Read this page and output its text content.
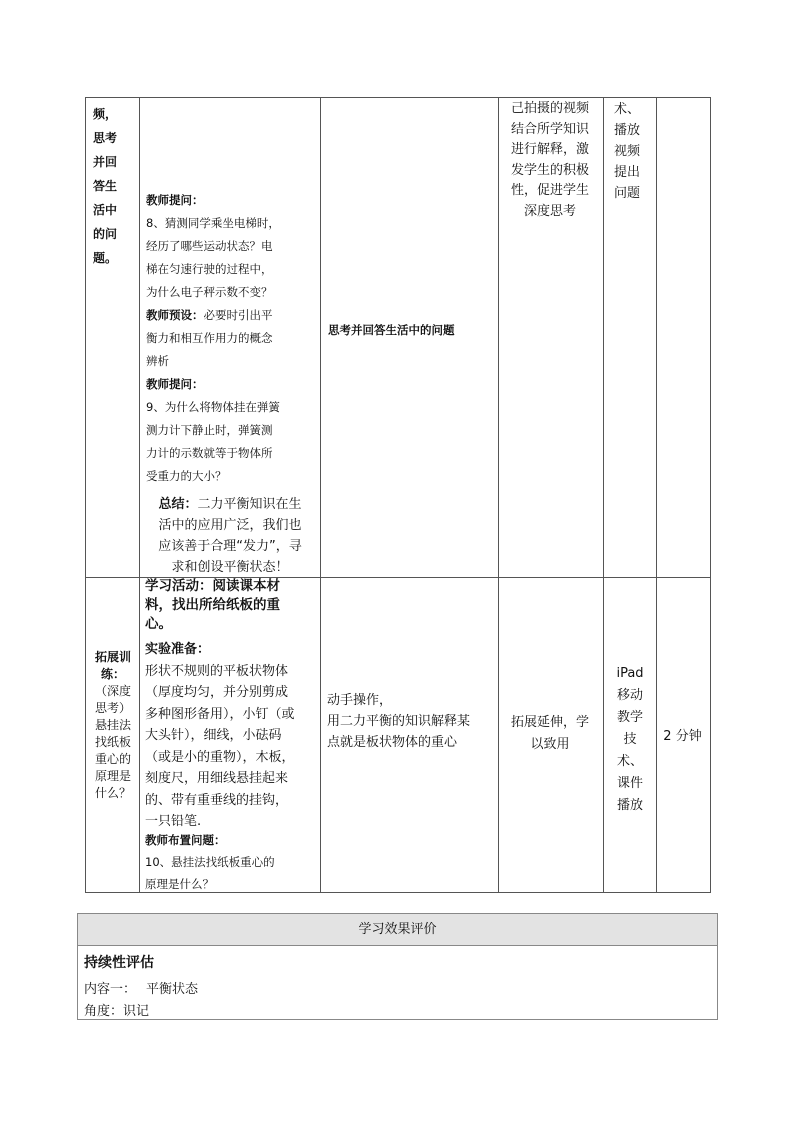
频，
思考
并回
答生
活中
的问
题。
教师提问：
8、猜测同学乘坐电梯时，
经历了哪些运动状态？电
梯在匀速行驶的过程中，
为什么电子秤示数不变？
教师预设：必要时引出平
衡力和相互作用力的概念
辨析
教师提问：
9、为什么将物体挂在弹簧
测力计下静止时，弹簧测
力计的示数就等于物体所
受重力的大小？
总结：二力平衡知识在生
活中的应用广泛，我们也
应该善于合理“发力”，寻
求和创设平衡状态！
思考并回答生活中的问题
己拍摄的视频
结合所学知识
进行解释，激
发学生的积极
性，促进学生
深度思考
术、
播放
视频
提出
问题
拓展训
练：
（深度
思考）
悬挂法
找纸板
重心的
原理是
什么？
学习活动：阅读课本材
料，找出所给纸板的重
心。
实验准备：
形状不规则的平板状物体
（厚度均匀，并分别剪成
多种图形备用），小钉（或
大头针），细线，小砝码
（或是小的重物），木板，
刻度尺，用细线悬挂起来
的、带有重垂线的挂钩，
一只铅笔.
教师布置问题：
10、悬挂法找纸板重心的
原理是什么？
动手操作，
用二力平衡的知识解释某
点就是板状物体的重心
拓展延伸，学
以致用
iPad
移动
教学
技
术、
课件
播放
2 分钟
学习效果评价
持续性评估
内容一： 平衡状态
角度：识记
